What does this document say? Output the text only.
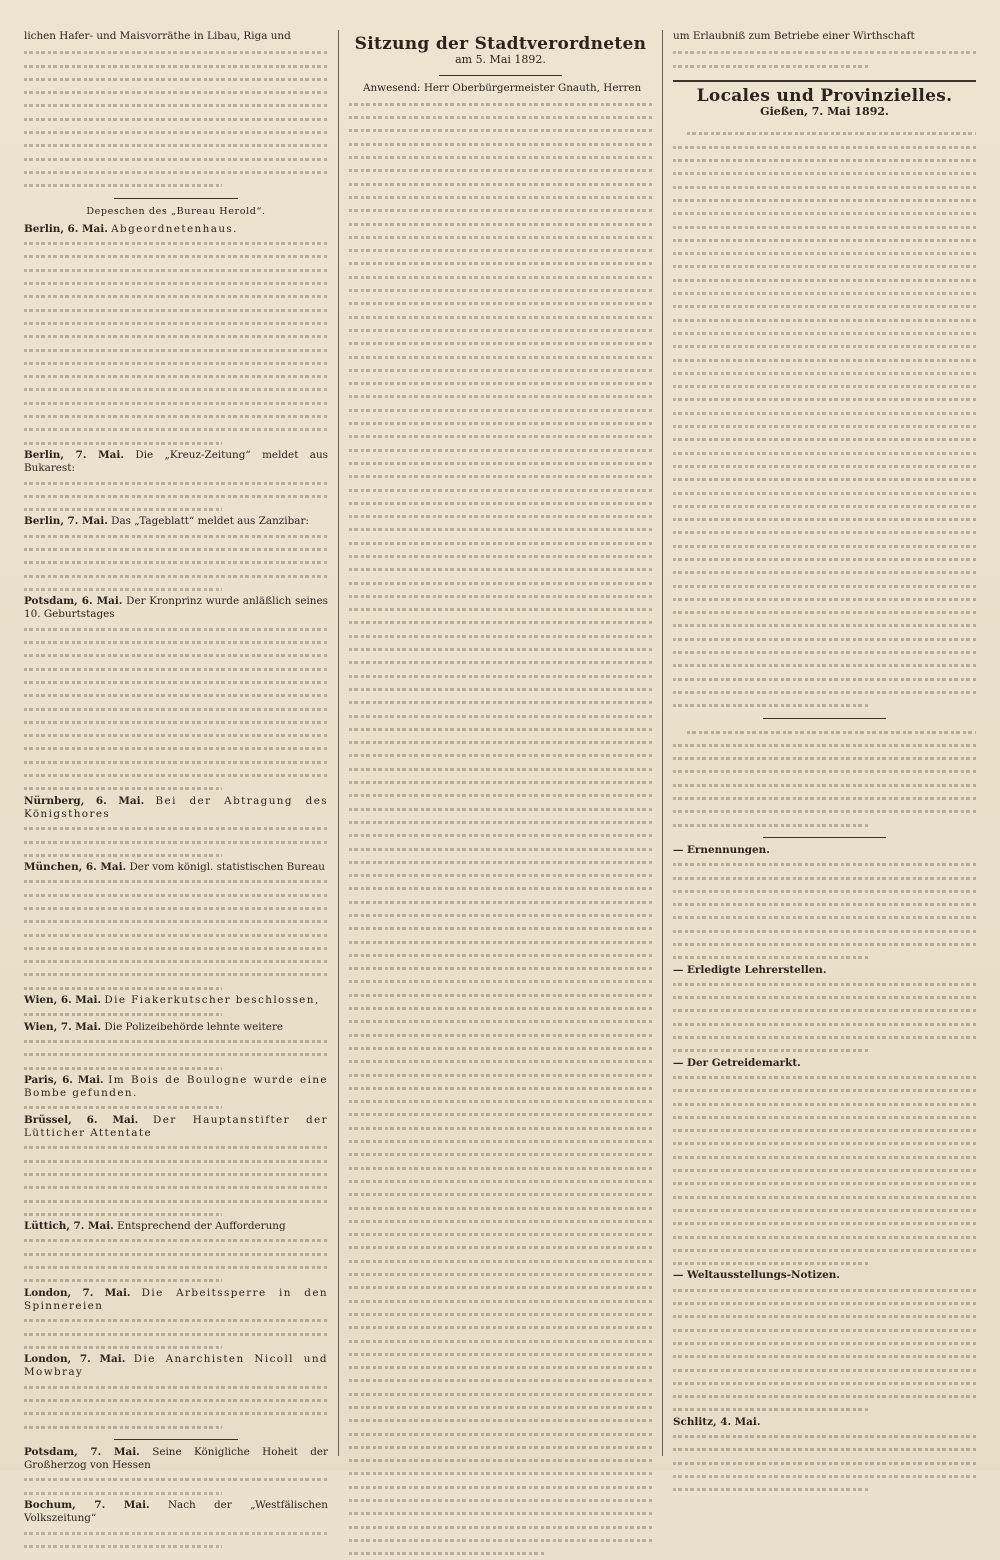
lichen Hafer- und Maisvorräthe in Libau, Riga und

Depeschen des „Bureau Herold“.
Berlin, 6. Mai. Abgeordnetenhaus.
Berlin, 7. Mai. Die „Kreuz-Zeitung“ meldet aus Bukarest:
Berlin, 7. Mai. Das „Tageblatt“ meldet aus Zanzibar:
Potsdam, 6. Mai. Der Kronprinz wurde anläßlich seines 10. Geburtstages
Nürnberg, 6. Mai. Bei der Abtragung des Königsthores
München, 6. Mai. Der vom königl. statistischen Bureau
Wien, 6. Mai. Die Fiakerkutscher beschlossen,
Wien, 7. Mai. Die Polizeibehörde lehnte weitere
Paris, 6. Mai. Im Bois de Boulogne wurde eine Bombe gefunden.
Brüssel, 6. Mai. Der Hauptanstifter der Lütticher Attentate
Lüttich, 7. Mai. Entsprechend der Aufforderung
London, 7. Mai. Die Arbeitssperre in den Spinnereien
London, 7. Mai. Die Anarchisten Nicoll und Mowbray
Potsdam, 7. Mai. Seine Königliche Hoheit der Großherzog von Hessen
Bochum, 7. Mai. Nach der „Westfälischen Volkszeitung“
Sitzung der Stadtverordneten
am 5. Mai 1892.

Anwesend: Herr Oberbürgermeister Gnauth, Herren

um Erlaubniß zum Betriebe einer Wirthschaft

Locales und Provinzielles.
Gießen, 7. Mai 1892.
— Ernennungen.
— Erledigte Lehrerstellen.
— Der Getreidemarkt.
— Weltausstellungs-Notizen.
Schlitz, 4. Mai.
